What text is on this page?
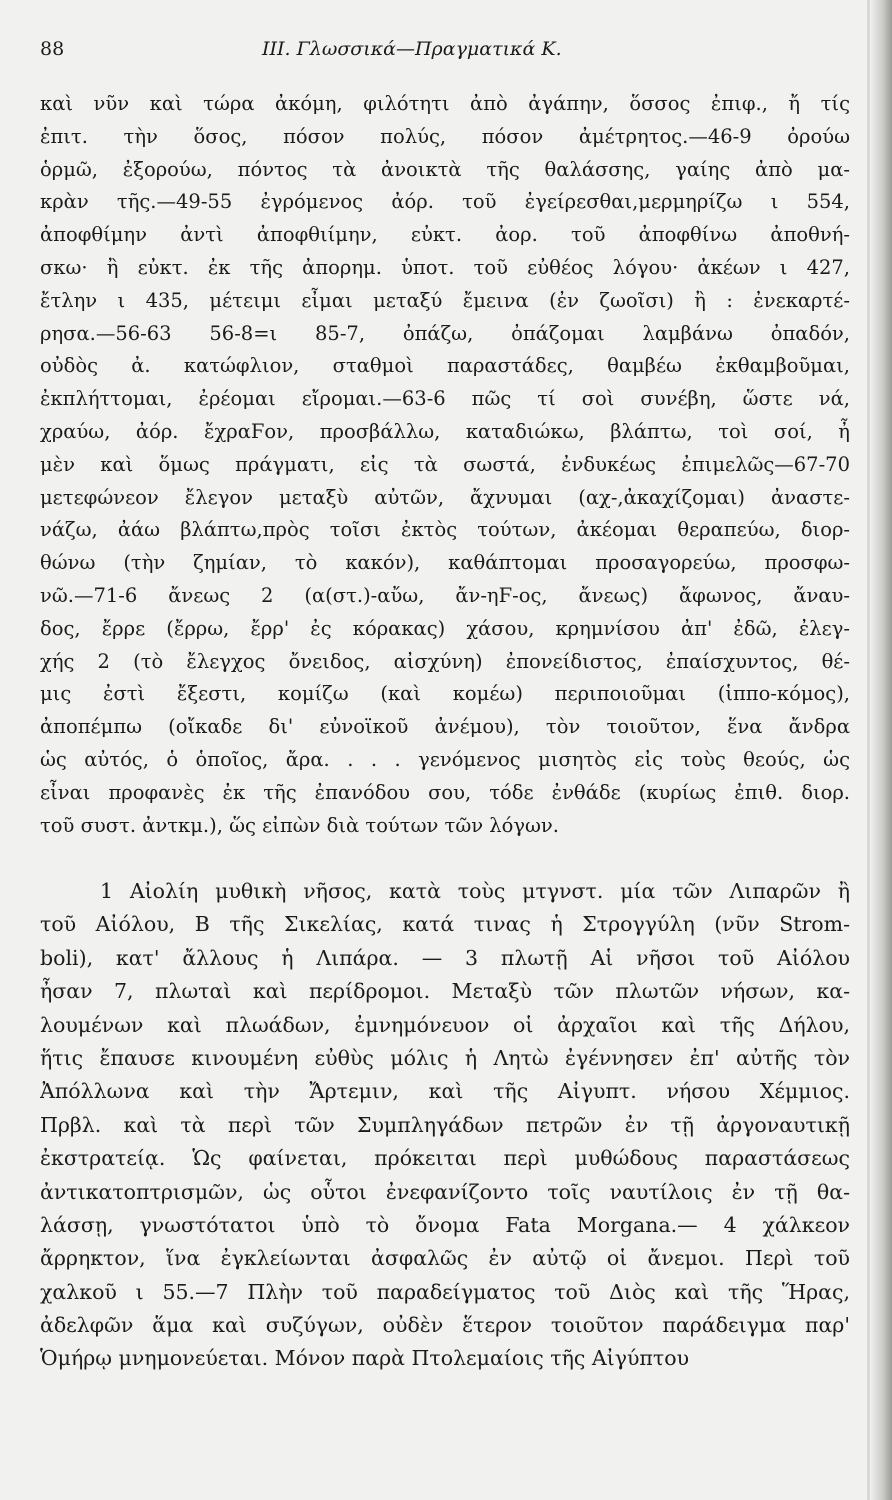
88	ΙΙΙ. Γλωσσικά—Πραγματικά Κ.
καὶ νῦν καὶ τώρα ἀκόμη, φιλότητι ἀπὸ ἀγάπην, ὅσσος ἐπιφ., ἤ τίς
ἐπιτ. τὴν ὅσος, πόσον πολύς, πόσον ἀμέτρητος.—46-9 ὀρούω
ὁρμῶ, ἐξορούω, πόντος τὰ ἀνοικτὰ τῆς θαλάσσης, γαίης ἀπὸ μα-
κρὰν τῆς.—49-55 ἐγρόμενος ἀόρ. τοῦ ἐγείρεσθαι,μερμηρίζω ι 554,
ἀποφθίμην ἀντὶ ἀποφθιίμην, εὐκτ. ἀορ. τοῦ ἀποφθίνω ἀποθνή-
σκω· ἢ εὐκτ. ἐκ τῆς ἀπορημ. ὑποτ. τοῦ εὐθέος λόγου· ἀκέων ι 427,
ἔτλην ι 435, μέτειμι εἶμαι μεταξύ ἔμεινα (ἐν ζωοῖσι) ἢ : ἐνεκαρτέ-
ρησα.—56-63 56-8=ι 85-7, ὀπάζω, ὀπάζομαι λαμβάνω ὀπαδόν,
οὐδὸς ἀ. κατώφλιον, σταθμοὶ παραστάδες, θαμβέω ἐκθαμβοῦμαι,
ἐκπλήττομαι, ἐρέομαι εἴρομαι.—63-6 πῶς τί σοὶ συνέβη, ὥστε νά,
χραύω, ἀόρ. ἔχραϜον, προσβάλλω, καταδιώκω, βλάπτω, τοὶ σοί, ἦ
μὲν καὶ ὅμως πράγματι, εἰς τὰ σωστά, ἐνδυκέως ἐπιμελῶς—67-70
μετεφώνεον ἔλεγον μεταξὺ αὐτῶν, ἄχνυμαι (αχ-,ἀκαχίζομαι) ἀναστε-
νάζω, ἀάω βλάπτω,πρὸς τοῖσι ἐκτὸς τούτων, ἀκέομαι θεραπεύω, διορ-
θώνω (τὴν ζημίαν, τὸ κακόν), καθάπτομαι προσαγορεύω, προσφω-
νῶ.—71-6 ἄνεως 2 (α(στ.)-αὔω, ἄν-ηϜ-ος, ἄνεως) ἄφωνος, ἄναυ-
δος, ἔρρε (ἔρρω, ἔρρ' ἐς κόρακας) χάσου, κρημνίσου ἀπ' ἐδῶ, ἐλεγ-
χής 2 (τὸ ἔλεγχος ὄνειδος, αἰσχύνη) ἐπονείδιστος, ἐπαίσχυντος, θέ-
μις ἐστὶ ἔξεστι, κομίζω (καὶ κομέω) περιποιοῦμαι (ἱππο-κόμος),
ἀποπέμπω (οἴκαδε δι' εὐνοϊκοῦ ἀνέμου), τὸν τοιοῦτον, ἕνα ἄνδρα
ὡς αὐτός, ὁ ὁποῖος, ἄρα. . . . γενόμενος μισητὸς εἰς τοὺς θεούς, ὡς
εἶναι προφανὲς ἐκ τῆς ἐπανόδου σου, τόδε ἐνθάδε (κυρίως ἐπιθ. διορ.
τοῦ συστ. ἀντκμ.), ὥς εἰπὼν διὰ τούτων τῶν λόγων.
1 Αἰολίη μυθικὴ νῆσος, κατὰ τοὺς μτγνστ. μία τῶν Λιπαρῶν ἢ
τοῦ Αἰόλου, Β τῆς Σικελίας, κατά τινας ἡ Στρογγύλη (νῦν Strom-
boli), κατ' ἄλλους ἡ Λιπάρα. — 3 πλωτῇ Αἱ νῆσοι τοῦ Αἰόλου
ἦσαν 7, πλωταὶ καὶ περίδρομοι. Μεταξὺ τῶν πλωτῶν νήσων, κα-
λουμένων καὶ πλωάδων, ἐμνημόνευον οἱ ἀρχαῖοι καὶ τῆς Δήλου,
ἥτις ἔπαυσε κινουμένη εὐθὺς μόλις ἡ Λητὼ ἐγέννησεν ἐπ' αὐτῆς τὸν
Ἀπόλλωνα καὶ τὴν Ἄρτεμιν, καὶ τῆς Αἰγυπτ. νήσου Χέμμιος.
Πρβλ. καὶ τὰ περὶ τῶν Συμπληγάδων πετρῶν ἐν τῇ ἀργοναυτικῇ
ἐκστρατείᾳ. Ὡς φαίνεται, πρόκειται περὶ μυθώδους παραστάσεως
ἀντικατοπτρισμῶν, ὡς οὗτοι ἐνεφανίζοντο τοῖς ναυτίλοις ἐν τῇ θα-
λάσσῃ, γνωστότατοι ὑπὸ τὸ ὄνομα Fata Morgana.— 4 χάλκεον
ἄρρηκτον, ἵνα ἐγκλείωνται ἀσφαλῶς ἐν αὐτῷ οἱ ἄνεμοι. Περὶ τοῦ
χαλκοῦ ι 55.—7 Πλὴν τοῦ παραδείγματος τοῦ Διὸς καὶ τῆς Ἥρας,
ἀδελφῶν ἅμα καὶ συζύγων, οὐδὲν ἕτερον τοιοῦτον παράδειγμα παρ'
Ὁμήρῳ μνημονεύεται. Μόνον παρὰ Πτολεμαίοις τῆς Αἰγύπτου
